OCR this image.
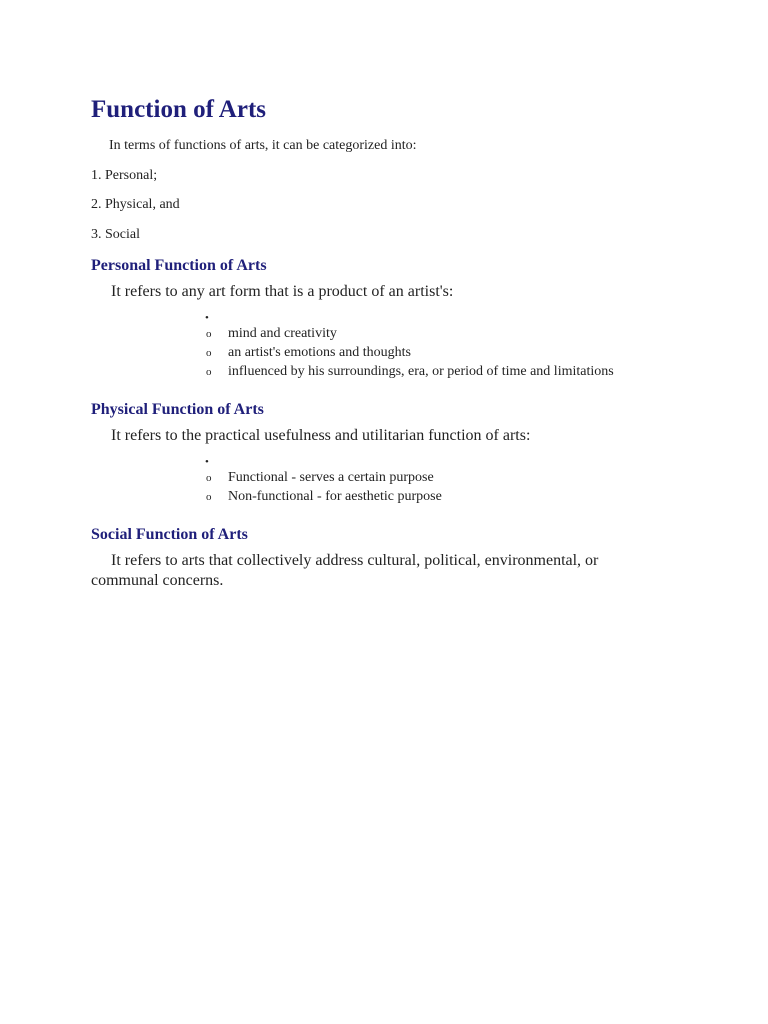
Function of Arts

In terms of functions of arts, it can be categorized into:

1. Personal;

2. Physical, and

3. Social

Personal Function of Arts

It refers to any art form that is a product of an artist's:

•

o mind and creativity

o an artist's emotions and thoughts

o influenced by his surroundings, era, or period of time and limitations

Physical Function of Arts

It refers to the practical usefulness and utilitarian function of arts:

•

o Functional - serves a certain purpose

o Non-functional - for aesthetic purpose

Social Function of Arts

It refers to arts that collectively address cultural, political, environmental, or communal concerns.
